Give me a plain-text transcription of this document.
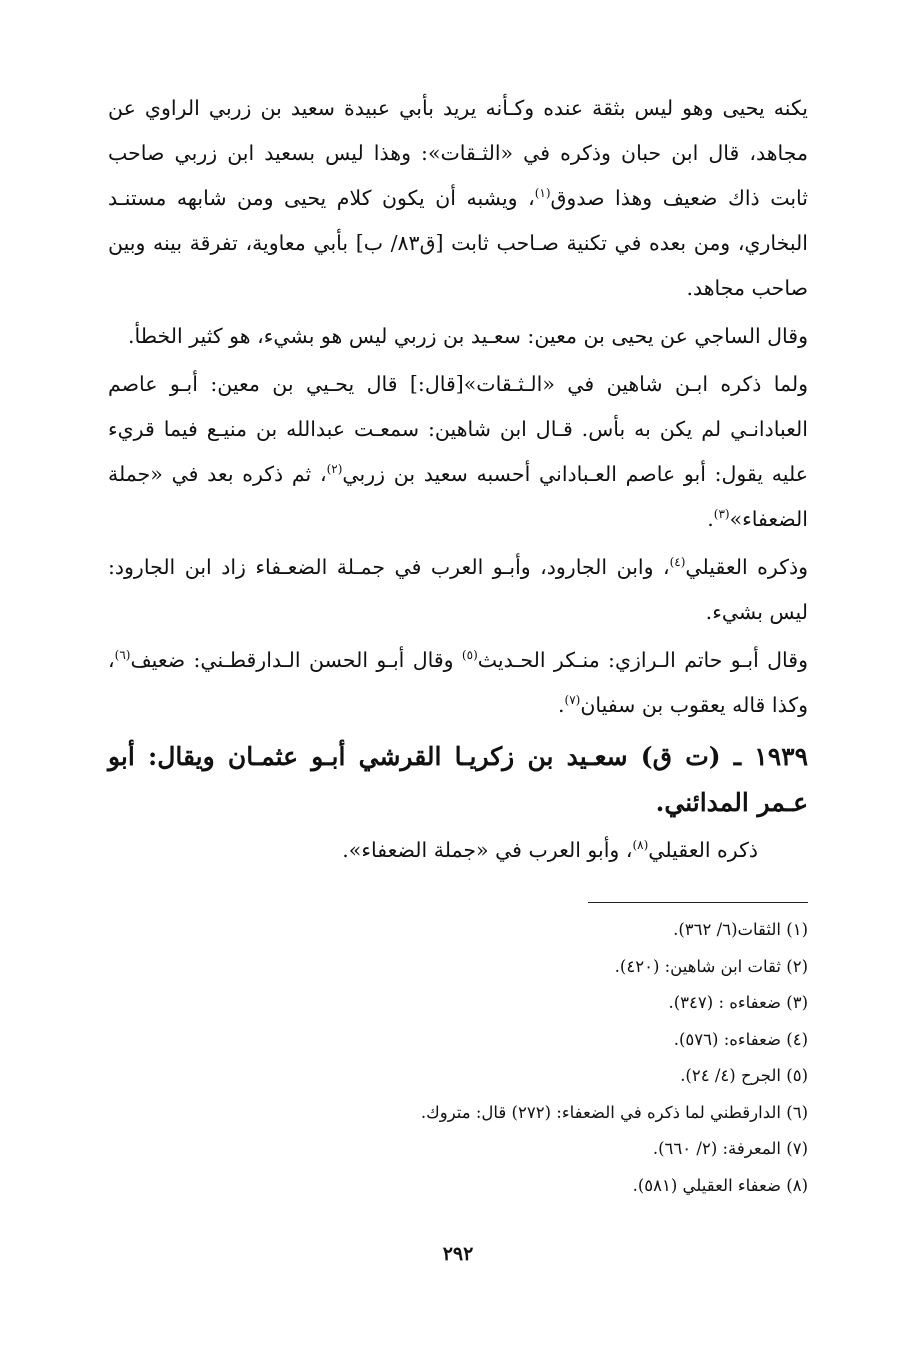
يكنه يحيى وهو ليس بثقة عنده وكـأنه يريد بأبي عبيدة سعيد بن زربي الراوي عن مجاهد، قال ابن حبان وذكره في «الثـقات»: وهذا ليس بسعيد ابن زربي صاحب ثابت ذاك ضعيف وهذا صدوق$^{(١)}$، ويشبه أن يكون كلام يحيى ومن شابهه مستنـد البخاري، ومن بعده في تكنية صـاحب ثابت [ق٨٣/ ب] بأبي معاوية، تفرقة بينه وبين صاحب مجاهد.

وقال الساجي عن يحيى بن معين: سعـيد بن زربي ليس هو بشيء، هو كثير الخطأ.

ولما ذكره ابـن شاهين في «الـثـقات»[قال:] قال يحـيي بن معين: أبـو عاصم العبادانـي لم يكن به بأس. قـال ابن شاهين: سمعـت عبدالله بن منيـع فيما قريء عليه يقول: أبو عاصم العـباداني أحسبه سعيد بن زربي$^{(٢)}$، ثم ذكره بعد في «جملة الضعفاء»$^{(٣)}$.

وذكره العقيلي$^{(٤)}$، وابن الجارود، وأبـو العرب في جمـلة الضعـفاء زاد ابن الجارود: ليس بشيء.

وقال أبـو حاتم الـرازي: منـكر الحـديث$^{(٥)}$ وقال أبـو الحسن الـدارقطـني: ضعيف$^{(٦)}$، وكذا قاله يعقوب بن سفيان$^{(٧)}$.

١٩٣٩ ـ (ت ق) سعـيد بن زكريـا القرشي أبـو عثمـان ويقال: أبو عـمر المدائني.

ذكره العقيلي$^{(٨)}$، وأبو العرب في «جملة الضعفاء».

(١) الثقات(٦/ ٣٦٢).
(٢) ثقات ابن شاهين: (٤٢٠).
(٣) ضعفاءه : (٣٤٧).
(٤) ضعفاءه: (٥٧٦).
(٥) الجرح (٤/ ٢٤).
(٦) الدارقطني لما ذكره في الضعفاء: (٢٧٢) قال: متروك.
(٧) المعرفة: (٢/ ٦٦٠).
(٨) ضعفاء العقيلي (٥٨١).
٢٩٢
